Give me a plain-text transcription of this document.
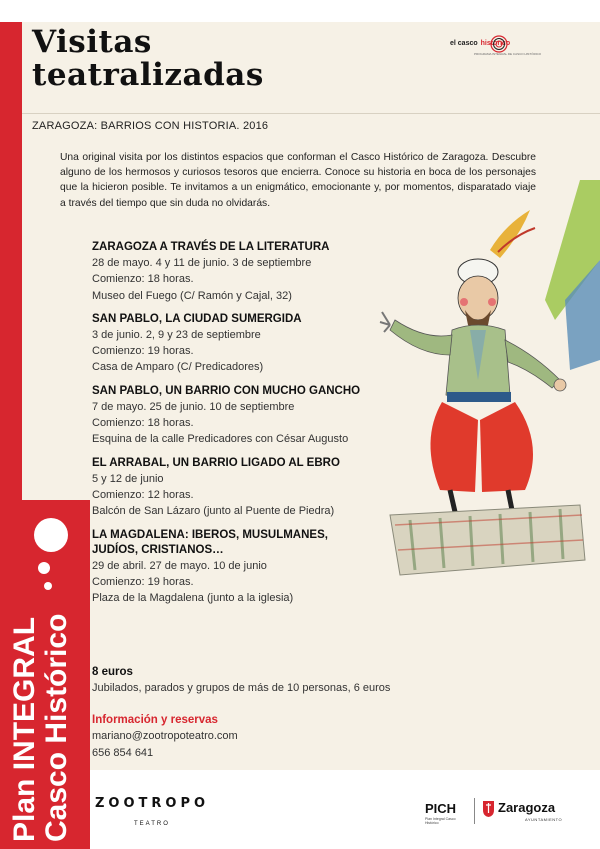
Plan INTEGRAL Casco Histórico
Visitas
teatralizadas
el casco histórico
PROGRAMA INTEGRAL DE CASCO HISTÓRICO
ZARAGOZA: BARRIOS CON HISTORIA. 2016
Una original visita por los distintos espacios que conforman el Casco Histórico de Zaragoza. Descubre alguno de los hermosos y curiosos tesoros que encierra. Conoce su historia en boca de los personajes que la hicieron posible. Te invitamos a un enigmático, emocionante y, por momentos, disparatado viaje a través del tiempo que sin duda no olvidarás.
ZARAGOZA A TRAVÉS DE LA LITERATURA
28 de mayo. 4 y 11 de junio. 3 de septiembre
Comienzo: 18 horas.
Museo del Fuego (C/ Ramón y Cajal, 32)
SAN PABLO, LA CIUDAD SUMERGIDA
3 de junio. 2, 9 y 23 de septiembre
Comienzo: 19 horas.
Casa de Amparo (C/ Predicadores)
SAN PABLO, UN BARRIO CON MUCHO GANCHO
7 de mayo. 25 de junio. 10 de septiembre
Comienzo: 18 horas.
Esquina de la calle Predicadores con César Augusto
EL ARRABAL, UN BARRIO LIGADO AL EBRO
5 y 12 de junio
Comienzo: 12 horas.
Balcón de San Lázaro (junto al Puente de Piedra)
LA MAGDALENA: IBEROS, MUSULMANES,
JUDÍOS, CRISTIANOS…
29 de abril. 27 de mayo. 10 de junio
Comienzo: 19 horas.
Plaza de la Magdalena (junto a la iglesia)
8 euros
Jubilados, parados y grupos de más de 10 personas, 6 euros
Información y reservas
mariano@zootropoteatro.com
656 854 641
ZOOTROPO
TEATRO
PICH
Plan Integral Casco Histórico
Zaragoza
AYUNTAMIENTO
